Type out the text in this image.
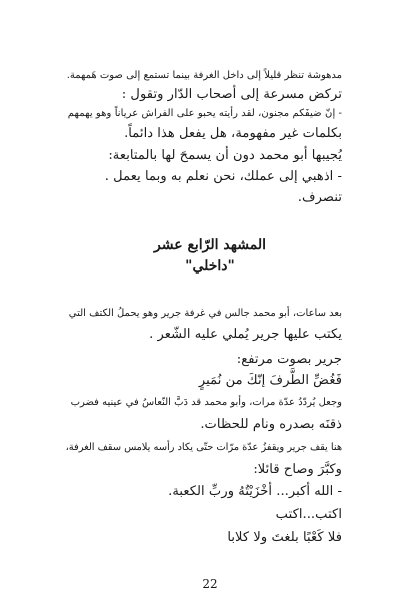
مدهوشة تنظر قليلاً إلى داخل الغرفة بينما تستمع إلى صوت هَمهمة.
تركض مسرعة إلى أصحاب الدّار وتقول :
- إنّ ضيفَكم مجنون، لقد رأيته يحبو على الفراش عرياناً وهو يهمهم
بكلمات غير مفهومة، هل يفعل هذا دائماً.
يُجيبها أبو محمد دون أن يسمحَ لها بالمتابعة:
- اذهبي إلى عملك، نحن نعلم به وبما يعمل .
تنصرف.
المشهد الرّابع عشر
"داخلي"
بعد ساعات، أبو محمد جالس في غرفة جرير وهو يحملُ الكتف التي
يكتب عليها جرير يُملي عليه الشّعر .
جرير بصوت مرتفع:
فَغُضِّ الطَّرفَ إنّكَ من نُمَيرٍ
وجعل يُردّدُ عدّة مرات، وأبو محمد قد دَبَّ النّعاسُ في عينيه فضرب
ذقنَه بصدره ونام للحظات.
هنا يقف جرير ويقفزُ عدّة مرّات حتّى يكاد رأسه يلامس سقف الغرفة،
وكبَّرَ وصاح قائلا:
- الله أكبر... أخْزَيْتُهُ وربِّ الكعبة.
اكتب...اكتب
فلا كَعْبًا بلغتَ ولا كلابا
22
